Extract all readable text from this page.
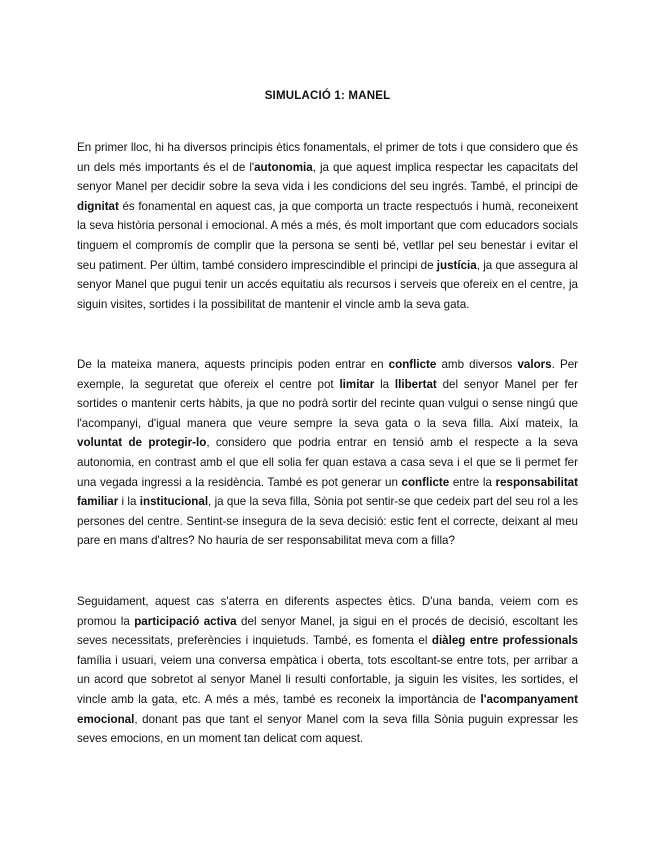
SIMULACIÓ 1: MANEL

En primer lloc, hi ha diversos principis ètics fonamentals, el primer de tots i que considero que és un dels més importants és el de l'autonomia, ja que aquest implica respectar les capacitats del senyor Manel per decidir sobre la seva vida i les condicions del seu ingrés. També, el principi de dignitat és fonamental en aquest cas, ja que comporta un tracte respectuós i humà, reconeixent la seva història personal i emocional. A més a més, és molt important que com educadors socials tinguem el compromís de complir que la persona se senti bé, vetllar pel seu benestar i evitar el seu patiment. Per últim, també considero imprescindible el principi de justícia, ja que assegura al senyor Manel que pugui tenir un accés equitatiu als recursos i serveis que ofereix en el centre, ja siguin visites, sortides i la possibilitat de mantenir el vincle amb la seva gata.

De la mateixa manera, aquests principis poden entrar en conflicte amb diversos valors. Per exemple, la seguretat que ofereix el centre pot limitar la llibertat del senyor Manel per fer sortides o mantenir certs hàbits, ja que no podrà sortir del recinte quan vulgui o sense ningú que l'acompanyi, d'igual manera que veure sempre la seva gata o la seva filla. Així mateix, la voluntat de protegir-lo, considero que podria entrar en tensió amb el respecte a la seva autonomia, en contrast amb el que ell solia fer quan estava a casa seva i el que se li permet fer una vegada ingressi a la residència. També es pot generar un conflicte entre la responsabilitat familiar i la institucional, ja que la seva filla, Sònia pot sentir-se que cedeix part del seu rol a les persones del centre. Sentint-se insegura de la seva decisió: estic fent el correcte, deixant al meu pare en mans d'altres? No hauria de ser responsabilitat meva com a filla?

Seguidament, aquest cas s'aterra en diferents aspectes ètics. D'una banda, veiem com es promou la participació activa del senyor Manel, ja sigui en el procés de decisió, escoltant les seves necessitats, preferències i inquietuds. També, es fomenta el diàleg entre professionals família i usuari, veiem una conversa empàtica i oberta, tots escoltant-se entre tots, per arribar a un acord que sobretot al senyor Manel li resulti confortable, ja siguin les visites, les sortides, el vincle amb la gata, etc. A més a més, també es reconeix la importància de l'acompanyament emocional, donant pas que tant el senyor Manel com la seva filla Sònia puguin expressar les seves emocions, en un moment tan delicat com aquest.
